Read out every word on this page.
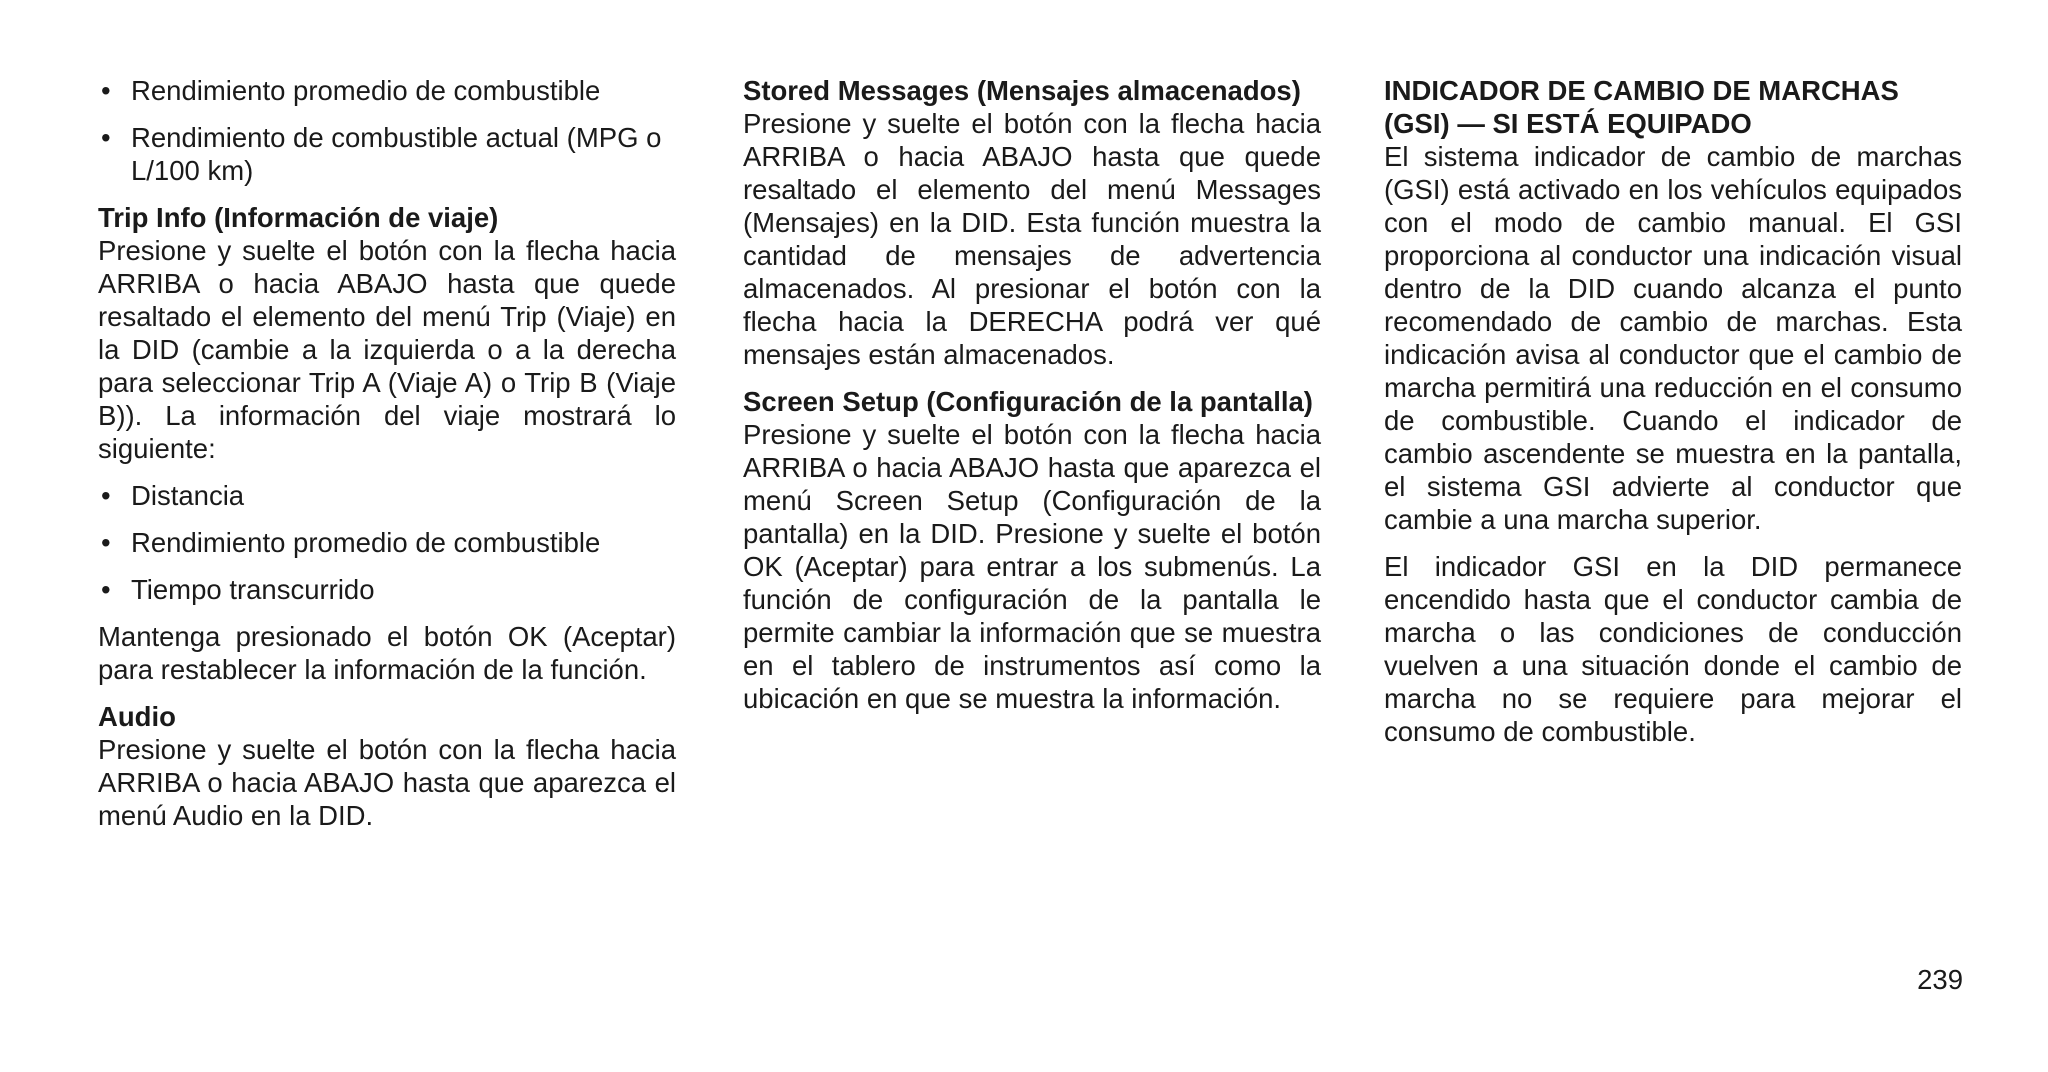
• Rendimiento promedio de combustible
• Rendimiento de combustible actual (MPG o L/100 km)
Trip Info (Información de viaje)

Presione y suelte el botón con la flecha hacia ARRIBA o hacia ABAJO hasta que quede resaltado el elemento del menú Trip (Viaje) en la DID (cambie a la izquierda o a la derecha para seleccionar Trip A (Viaje A) o Trip B (Viaje B)). La información del viaje mostrará lo siguiente:

• Distancia
• Rendimiento promedio de combustible
• Tiempo transcurrido

Mantenga presionado el botón OK (Aceptar) para restablecer la información de la función.

Audio

Presione y suelte el botón con la flecha hacia ARRIBA o hacia ABAJO hasta que aparezca el menú Audio en la DID.

Stored Messages (Mensajes almacenados)

Presione y suelte el botón con la flecha hacia ARRIBA o hacia ABAJO hasta que quede resaltado el elemento del menú Messages (Mensajes) en la DID. Esta función muestra la cantidad de mensajes de advertencia almacenados. Al presionar el botón con la flecha hacia la DERECHA podrá ver qué mensajes están almacenados.

Screen Setup (Configuración de la pantalla)

Presione y suelte el botón con la flecha hacia ARRIBA o hacia ABAJO hasta que aparezca el menú Screen Setup (Configuración de la pantalla) en la DID. Presione y suelte el botón OK (Aceptar) para entrar a los submenús. La función de configuración de la pantalla le permite cambiar la información que se muestra en el tablero de instrumentos así como la ubicación en que se muestra la información.

INDICADOR DE CAMBIO DE MARCHAS (GSI) — SI ESTÁ EQUIPADO

El sistema indicador de cambio de marchas (GSI) está activado en los vehículos equipados con el modo de cambio manual. El GSI proporciona al conductor una indicación visual dentro de la DID cuando alcanza el punto recomendado de cambio de marchas. Esta indicación avisa al conductor que el cambio de marcha permitirá una reducción en el consumo de combustible. Cuando el indicador de cambio ascendente se muestra en la pantalla, el sistema GSI advierte al conductor que cambie a una marcha superior.

El indicador GSI en la DID permanece encendido hasta que el conductor cambia de marcha o las condiciones de conducción vuelven a una situación donde el cambio de marcha no se requiere para mejorar el consumo de combustible.

239
